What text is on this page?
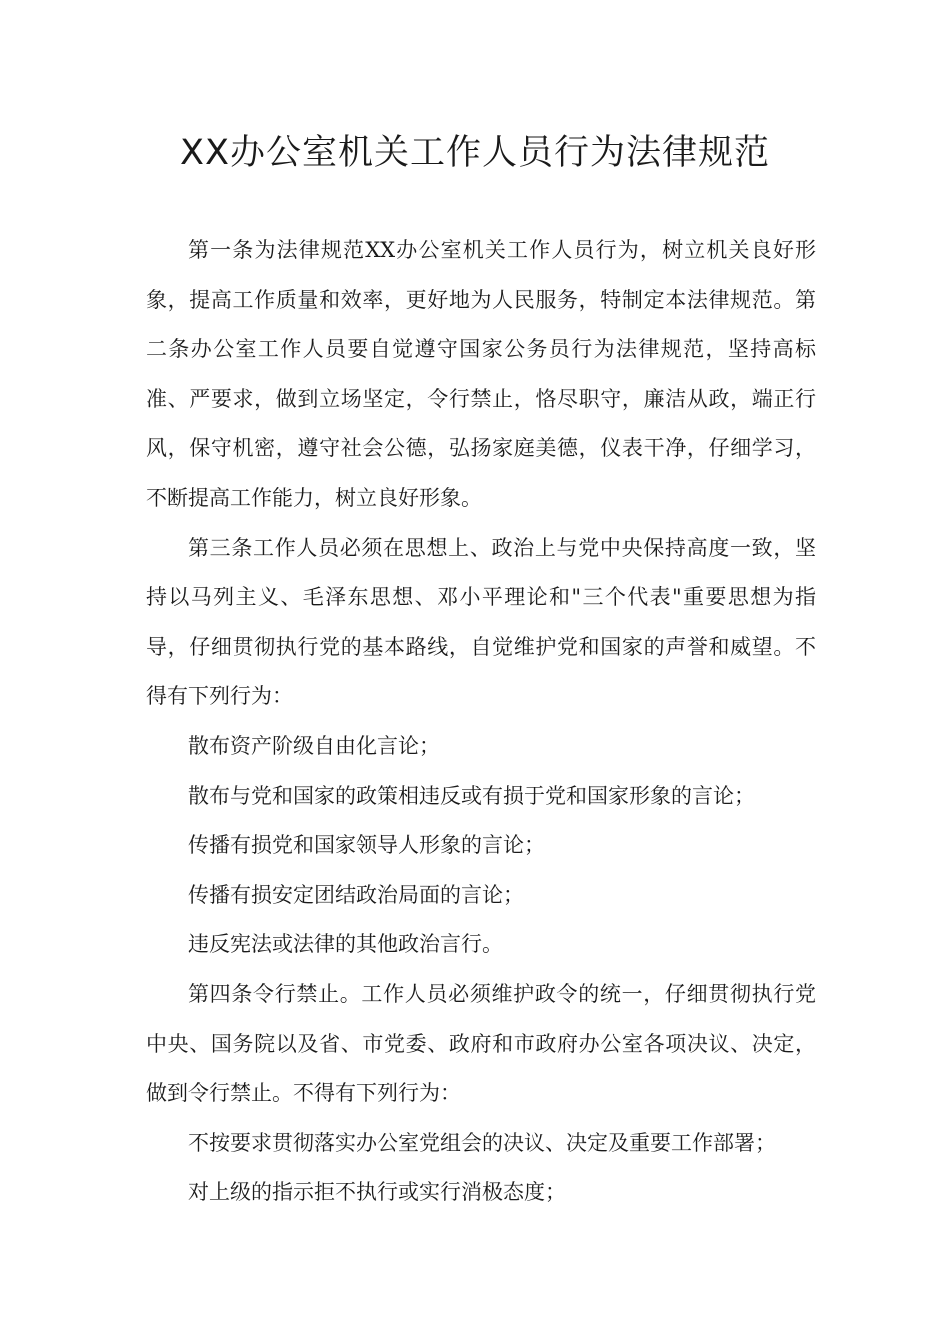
XX办公室机关工作人员行为法律规范

第一条为法律规范XX办公室机关工作人员行为，树立机关良好形象，提高工作质量和效率，更好地为人民服务，特制定本法律规范。第二条办公室工作人员要自觉遵守国家公务员行为法律规范，坚持高标准、严要求，做到立场坚定，令行禁止，恪尽职守，廉洁从政，端正行风，保守机密，遵守社会公德，弘扬家庭美德，仪表干净，仔细学习，不断提高工作能力，树立良好形象。

第三条工作人员必须在思想上、政治上与党中央保持高度一致，坚持以马列主义、毛泽东思想、邓小平理论和"三个代表"重要思想为指导，仔细贯彻执行党的基本路线，自觉维护党和国家的声誉和威望。不得有下列行为：

散布资产阶级自由化言论；

散布与党和国家的政策相违反或有损于党和国家形象的言论；

传播有损党和国家领导人形象的言论；

传播有损安定团结政治局面的言论；

违反宪法或法律的其他政治言行。

第四条令行禁止。工作人员必须维护政令的统一，仔细贯彻执行党中央、国务院以及省、市党委、政府和市政府办公室各项决议、决定，做到令行禁止。不得有下列行为：

不按要求贯彻落实办公室党组会的决议、决定及重要工作部署；

对上级的指示拒不执行或实行消极态度；
